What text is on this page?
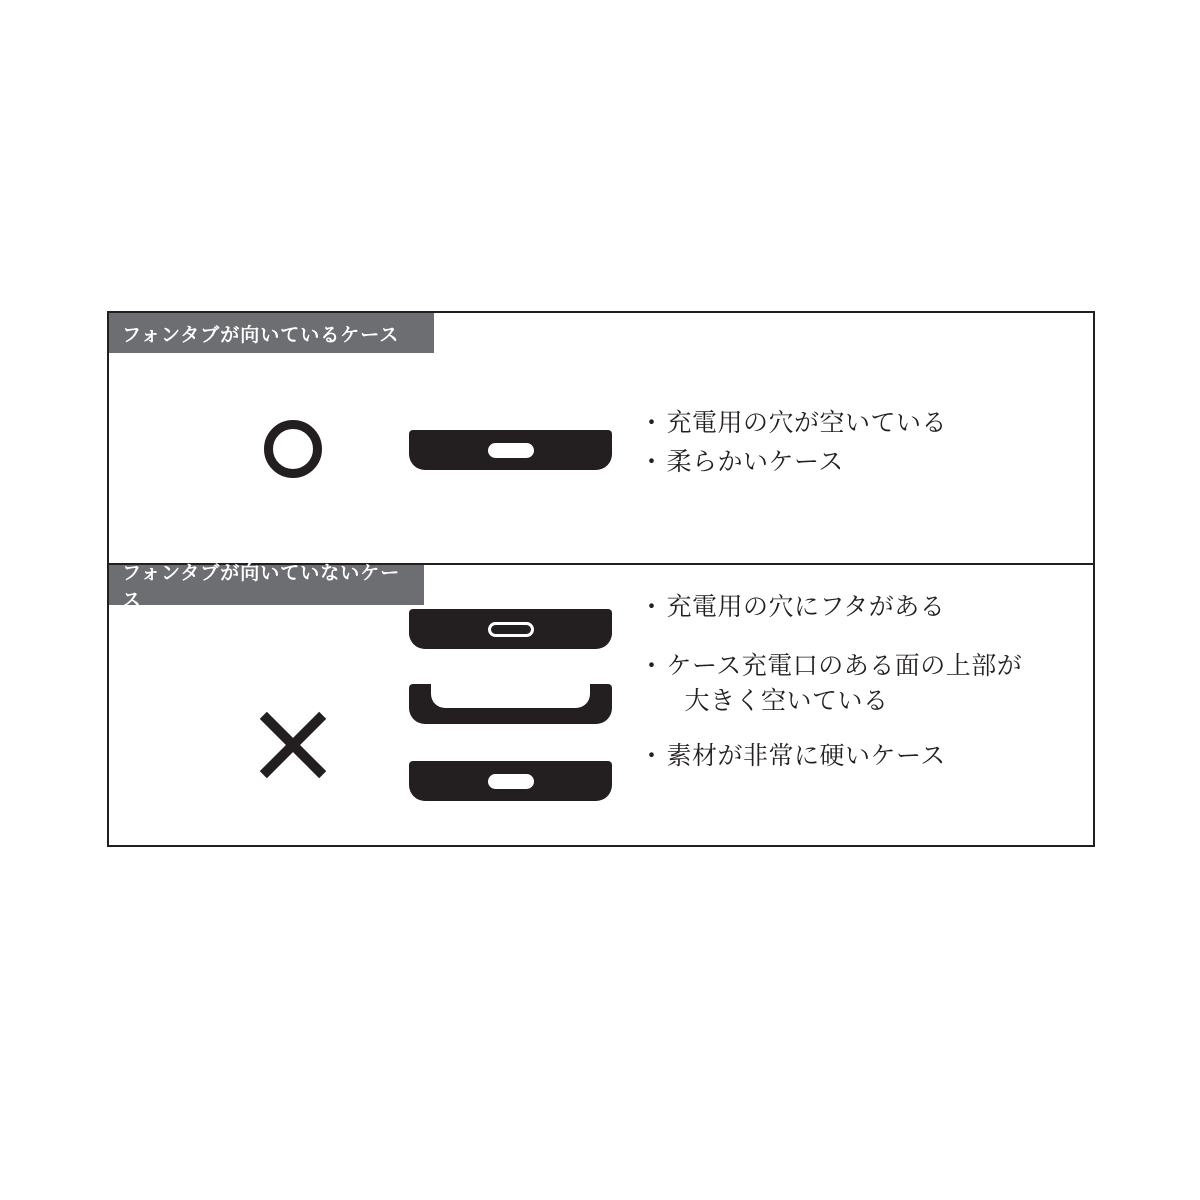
フォンタブが向いているケース
・ 充電用の穴が空いている
・ 柔らかいケース
フォンタブが向いていないケース	・ 充電用の穴にフタがある
・ ケース充電口のある面の上部が
大きく空いている
・ 素材が非常に硬いケース
